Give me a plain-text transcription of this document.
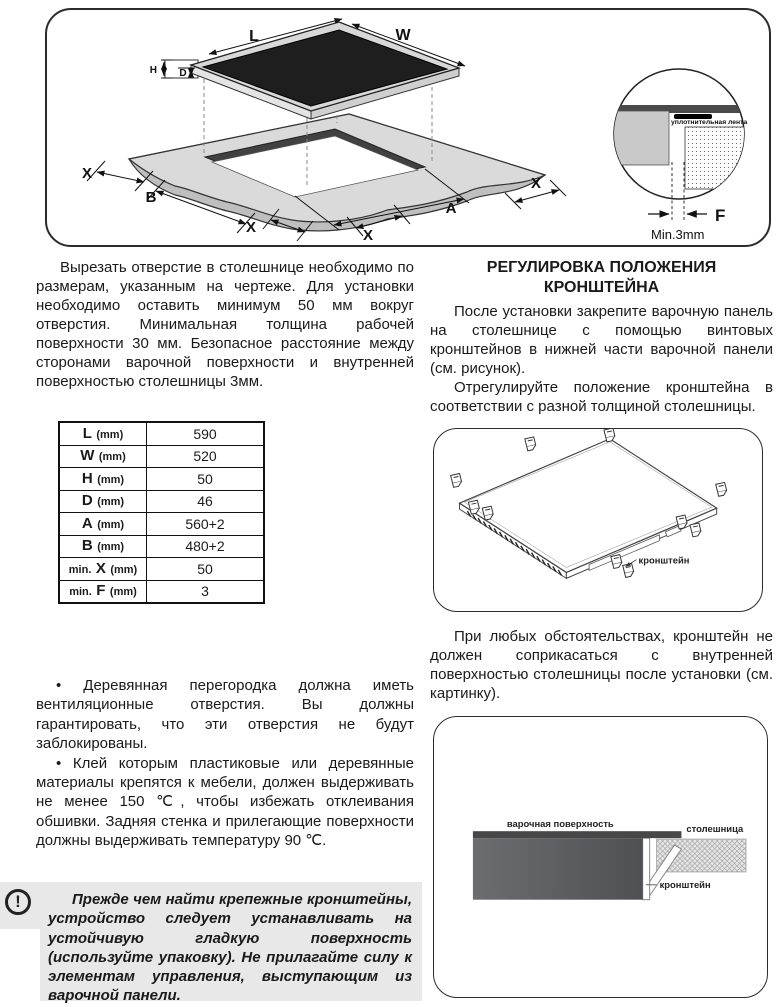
L	W
H D
X
B
X	X
A
X
уплотнительная лента
F
Min.3mm

Вырезать отверстие в столешнице необходимо по размерам, указанным на чертеже. Для установки необходимо оставить минимум 50 мм вокруг отверстия. Минимальная толщина рабочей поверхности 30 мм. Безопасное расстояние между сторонами варочной поверхности и внутренней поверхностью столешницы 3мм.

L (mm)	590
W (mm)	520
H (mm)	50
D (mm)	46
A (mm)	560+2
B (mm)	480+2
min. X (mm)	50
min. F (mm)	3

• Деревянная перегородка должна иметь вентиляционные отверстия. Вы должны гарантировать, что эти отверстия не будут заблокированы.

• Клей которым пластиковые или деревянные материалы крепятся к мебели, должен выдерживать не менее 150 ℃, чтобы избежать отклеивания обшивки. Задняя стенка и прилегающие поверхности должны выдерживать температуру 90 ℃.

!	Прежде чем найти крепежные кронштейны, устройство следует устанавливать на устойчивую гладкую поверхность (используйте упаковку). Не прилагайте силу к элементам управления, выступающим из варочной панели.

РЕГУЛИРОВКА ПОЛОЖЕНИЯ КРОНШТЕЙНА

После установки закрепите варочную панель на столешнице с помощью винтовых кронштейнов в нижней части варочной панели (см. рисунок).

Отрегулируйте положение кронштейна в соответствии с разной толщиной столешницы.

кронштейн

При любых обстоятельствах, кронштейн не должен соприкасаться с внутренней поверхностью столешницы после установки (см. картинку).

варочная поверхность	столешница
кронштейн
